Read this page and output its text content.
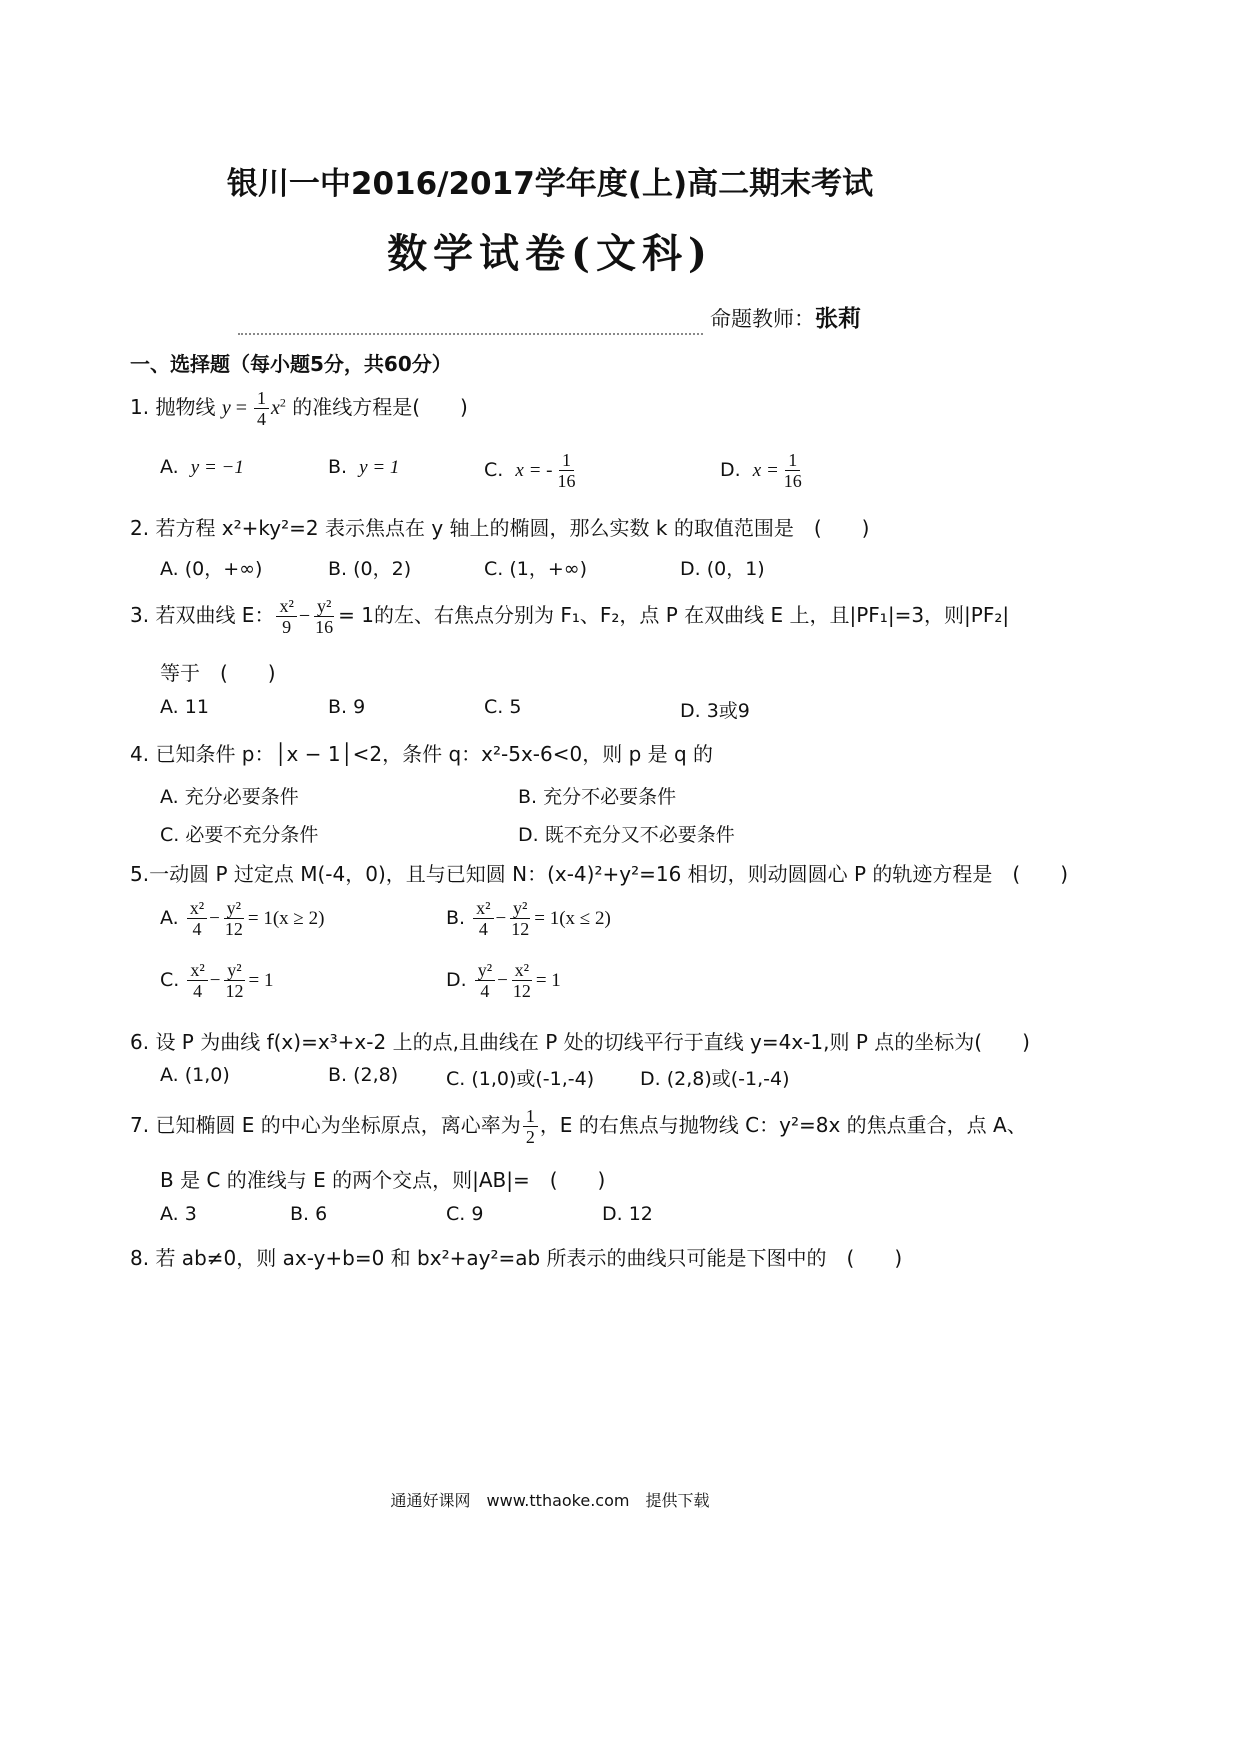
银川一中2016/2017学年度(上)高二期末考试
数学试卷(文科)
命题教师：张莉
一、选择题（每小题5分，共60分）
1. 抛物线 $y = \frac{1}{4} x^2$ 的准线方程是(　　)
A. y = −1	B. y = 1	C. x = - $\frac{1}{16}$	D. $x = \frac{1}{16}$
2. 若方程 x²+ky²=2 表示焦点在 y 轴上的椭圆，那么实数 k 的取值范围是　(　　)
A. (0，+∞)	B. (0，2)	C. (1，+∞)	D. (0，1)
3. 若双曲线 E： $\frac{\text{x²}}{9} - \frac{\text{y²}}{16} = 1$的左、右焦点分别为 F₁、F₂，点 P 在双曲线 E 上，且|PF₁|=3，则|PF₂|
等于　(　　)
A. 11	B. 9	C. 5	D. 3或9
4. 已知条件 p：│x − 1│<2，条件 q：x²-5x-6<0，则 p 是 q 的
A. 充分必要条件	B. 充分不必要条件
C. 必要不充分条件	D. 既不充分又不必要条件
5.一动圆 P 过定点 M(-4，0)，且与已知圆 N：(x-4)²+y²=16 相切，则动圆圆心 P 的轨迹方程是　(　　)
A. $\frac{\text{x²}}{4} - \frac{\text{y²}}{12} = 1(x \ge 2)$	B. $\frac{\text{x²}}{4} - \frac{\text{y²}}{12} = 1(x \le 2)$
C. $\frac{\text{x²}}{4} - \frac{\text{y²}}{12} = 1$	D. $\frac{\text{y²}}{4} - \frac{\text{x²}}{12} = 1$
6. 设 P 为曲线 f(x)=x³+x-2 上的点,且曲线在 P 处的切线平行于直线 y=4x-1,则 P 点的坐标为(　　)
A. (1,0)	B. (2,8)	C. (1,0)或(-1,-4) D. (2,8)或(-1,-4)
7. 已知椭圆 E 的中心为坐标原点，离心率为 $\frac{1}{2}$ ，E 的右焦点与抛物线 C：y²=8x 的焦点重合，点 A、
B 是 C 的准线与 E 的两个交点，则|AB|=　(　　)
A. 3	B. 6	C. 9	D. 12
8. 若 ab≠0，则 ax-y+b=0 和 bx²+ay²=ab 所表示的曲线只可能是下图中的　(　　)
通通好课网　www.tthaoke.com　提供下载
